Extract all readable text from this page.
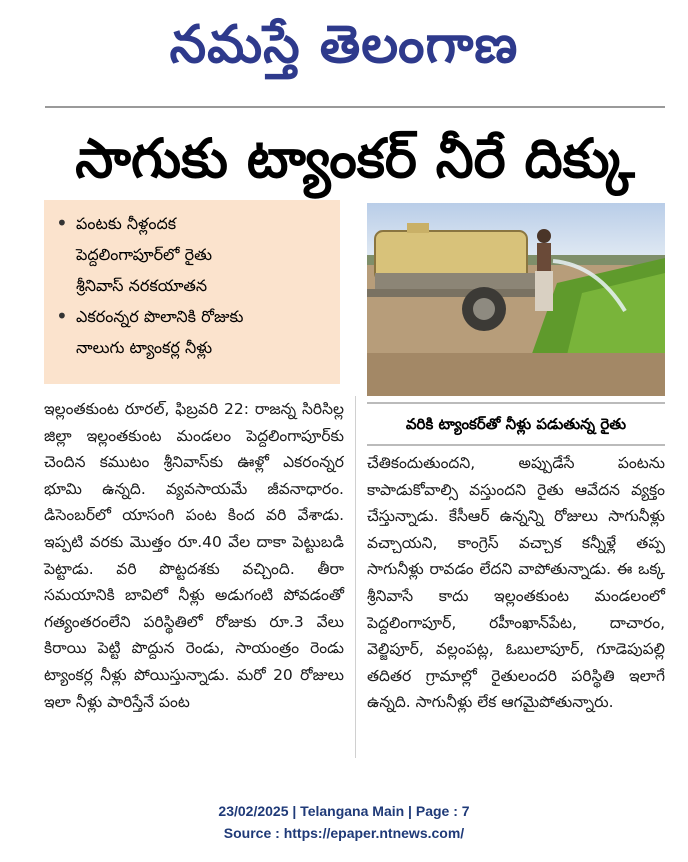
నమస్తే తెలంగాణ
సాగుకు ట్యాంకర్ నీరే దిక్కు
• పంటకు నీళ్లందక
పెద్దలింగాపూర్‌లో రైతు
శ్రీనివాస్ నరకయాతన
• ఎకరంన్నర పొలానికి రోజుకు
నాలుగు ట్యాంకర్ల నీళ్లు
వరికి ట్యాంకర్‌తో నీళ్లు పడుతున్న రైతు

ఇల్లంతకుంట రూరల్, ఫిబ్రవరి 22: రాజన్న సిరిసిల్ల జిల్లా ఇల్లంతకుంట మండలం పెద్దలింగాపూర్‌కు చెందిన కముటం శ్రీనివాస్‌కు ఊళ్లో ఎకరంన్నర భూమి ఉన్నది. వ్యవసాయమే జీవనాధారం. డిసెంబర్‌లో యాసంగి పంట కింద వరి వేశాడు. ఇప్పటి వరకు మొత్తం రూ.40 వేల దాకా పెట్టుబడి పెట్టాడు. వరి పొట్టదశకు వచ్చింది. తీరా సమయానికి బావిలో నీళ్లు అడుగంటి పోవడంతో గత్యంతరంలేని పరిస్థితిలో రోజుకు రూ.3 వేలు కిరాయి పెట్టి పొద్దున రెండు, సాయంత్రం రెండు ట్యాంకర్ల నీళ్లు పోయిస్తున్నాడు. మరో 20 రోజులు ఇలా నీళ్లు పారిస్తేనే పంట

చేతికందుతుందని, అప్పుడేసే పంటను కాపాడుకోవాల్సి వస్తుందని రైతు ఆవేదన వ్యక్తం చేస్తున్నాడు. కేసీఆర్ ఉన్నన్ని రోజులు సాగునీళ్లు వచ్చాయని, కాంగ్రెస్ వచ్చాక కన్నీళ్లే తప్ప సాగునీళ్లు రావడం లేదని వాపోతున్నాడు. ఈ ఒక్క శ్రీనివాసే కాదు ఇల్లంతకుంట మండలంలో పెద్దలింగాపూర్, రహీంఖాన్‌పేట, దాచారం, వెల్జిపూర్, వల్లంపట్ల, ఓబులాపూర్, గూడెపుపల్లి తదితర గ్రామాల్లో రైతులందరి పరిస్థితి ఇలాగే ఉన్నది. సాగునీళ్లు లేక ఆగమైపోతున్నారు.

23/02/2025 | Telangana Main | Page : 7
Source : https://epaper.ntnews.com/
